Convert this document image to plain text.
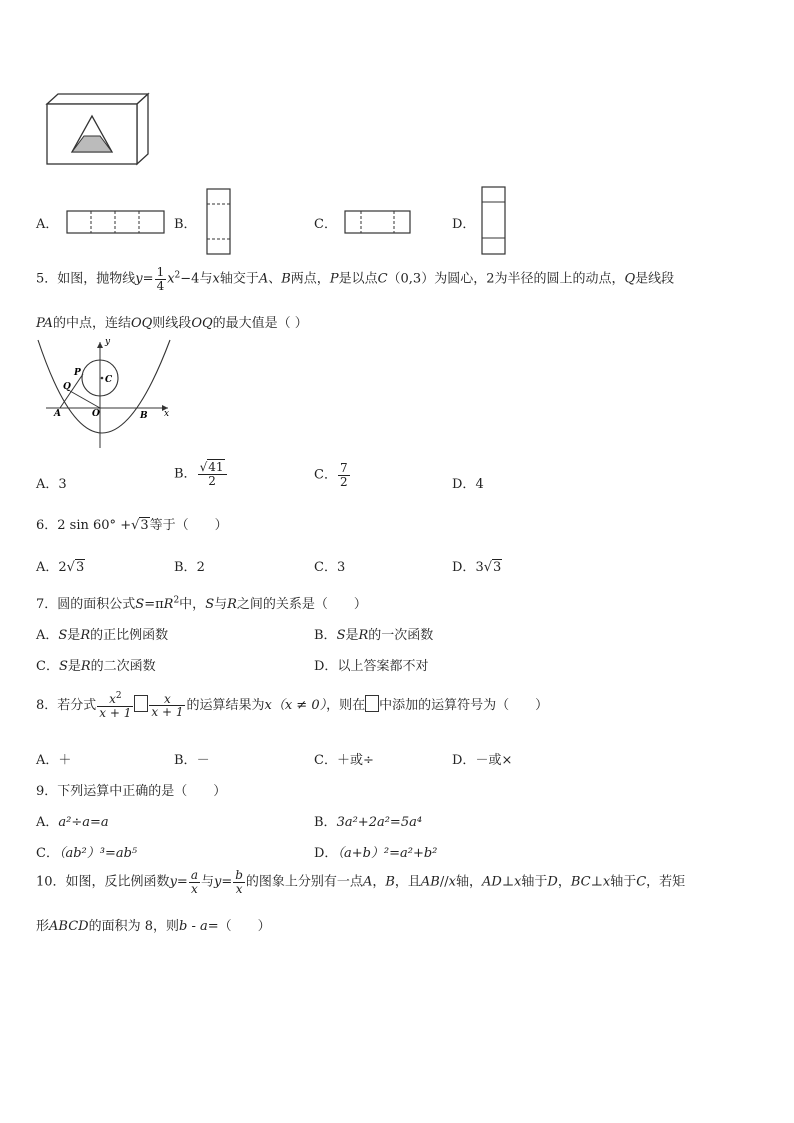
A．	B．	C．	D．
5．如图，抛物线$y= \frac{1}{4} x^2-4$与x轴交于A、B两点，P是以点C（0,3）为圆心，2为半径的圆上的动点，Q是线段
PA的中点，连结OQ则线段OQ的最大值是（ ）
y
x
O
A	B
C
P
Q
A．3
B． $\frac{√41}{2}$	C． $\frac{7}{2}$	D．4
6．2 sin 60° +√3等于（　　）
A．2√3	B．2	C．3	D．3√3
7．圆的面积公式$S=\pi R^2$中，S与R之间的关系是（　　）
A．S是R的正比例函数	B．S是R的一次函数
C．S是R的二次函数	D．以上答案都不对
8．若分式 $\frac{x^2}{x + 1} \frac{x}{x + 1}$ 的运算结果为x（x ≠ 0），则在 中添加的运算符号为（　　）
A．＋	B．－	C．＋或÷	D．－或×
9．下列运算中正确的是（　　）
A．a²÷a=a	B．3a²+2a²=5a⁴
C．（ab²）³=ab⁵	D．（a+b）²=a²+b²
10．如图，反比例函数$y= \frac{a}{x}$ 与$y= \frac{b}{x}$ 的图象上分别有一点A，B，且AB//x轴，AD⊥x轴于D，BC⊥x轴于C，若矩
形ABCD的面积为 8，则b - a=（　　）
